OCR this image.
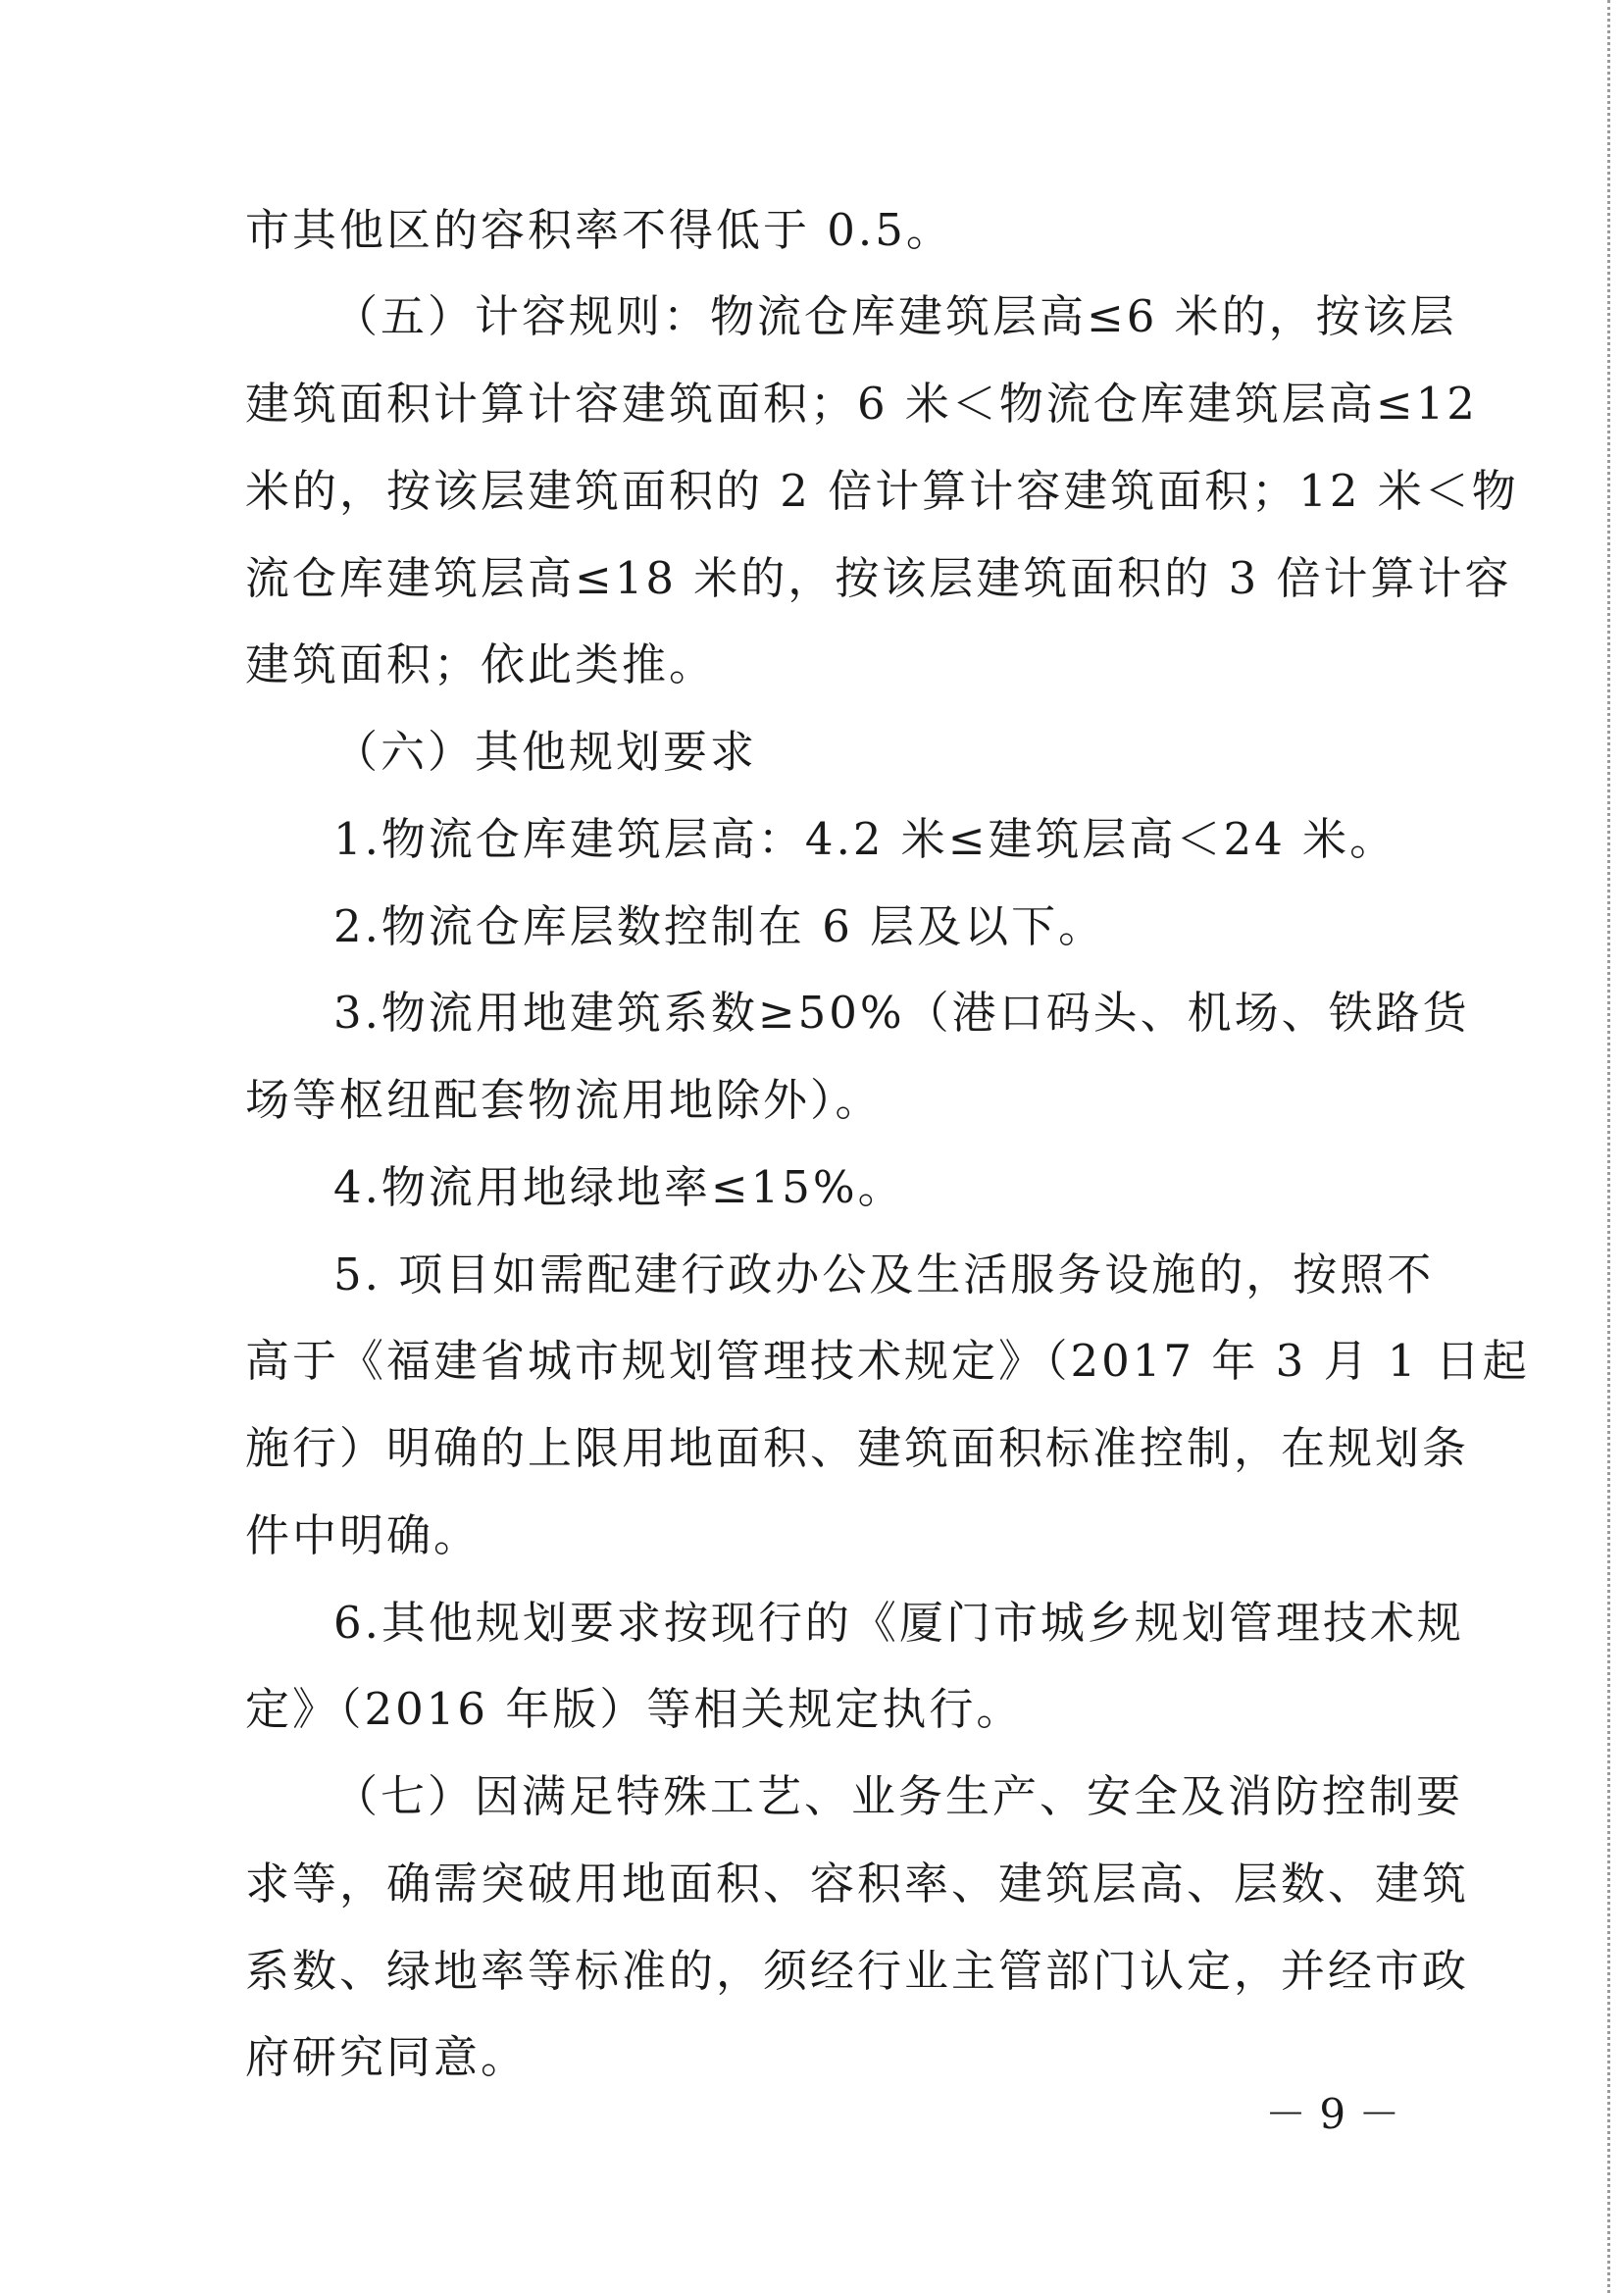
市其他区的容积率不得低于 0.5。
（五）计容规则：物流仓库建筑层高≤6 米的，按该层
建筑面积计算计容建筑面积；6 米＜物流仓库建筑层高≤12
米的，按该层建筑面积的 2 倍计算计容建筑面积；12 米＜物
流仓库建筑层高≤18 米的，按该层建筑面积的 3 倍计算计容
建筑面积；依此类推。
（六）其他规划要求
1.物流仓库建筑层高：4.2 米≤建筑层高＜24 米。
2.物流仓库层数控制在 6 层及以下。
3.物流用地建筑系数≥50%（港口码头、机场、铁路货
场等枢纽配套物流用地除外）。
4.物流用地绿地率≤15%。
5. 项目如需配建行政办公及生活服务设施的，按照不
高于《福建省城市规划管理技术规定》（2017 年 3 月 1 日起
施行）明确的上限用地面积、建筑面积标准控制，在规划条
件中明确。
6.其他规划要求按现行的《厦门市城乡规划管理技术规
定》（2016 年版）等相关规定执行。
（七）因满足特殊工艺、业务生产、安全及消防控制要
求等，确需突破用地面积、容积率、建筑层高、层数、建筑
系数、绿地率等标准的，须经行业主管部门认定，并经市政
府研究同意。
－ 9 －
